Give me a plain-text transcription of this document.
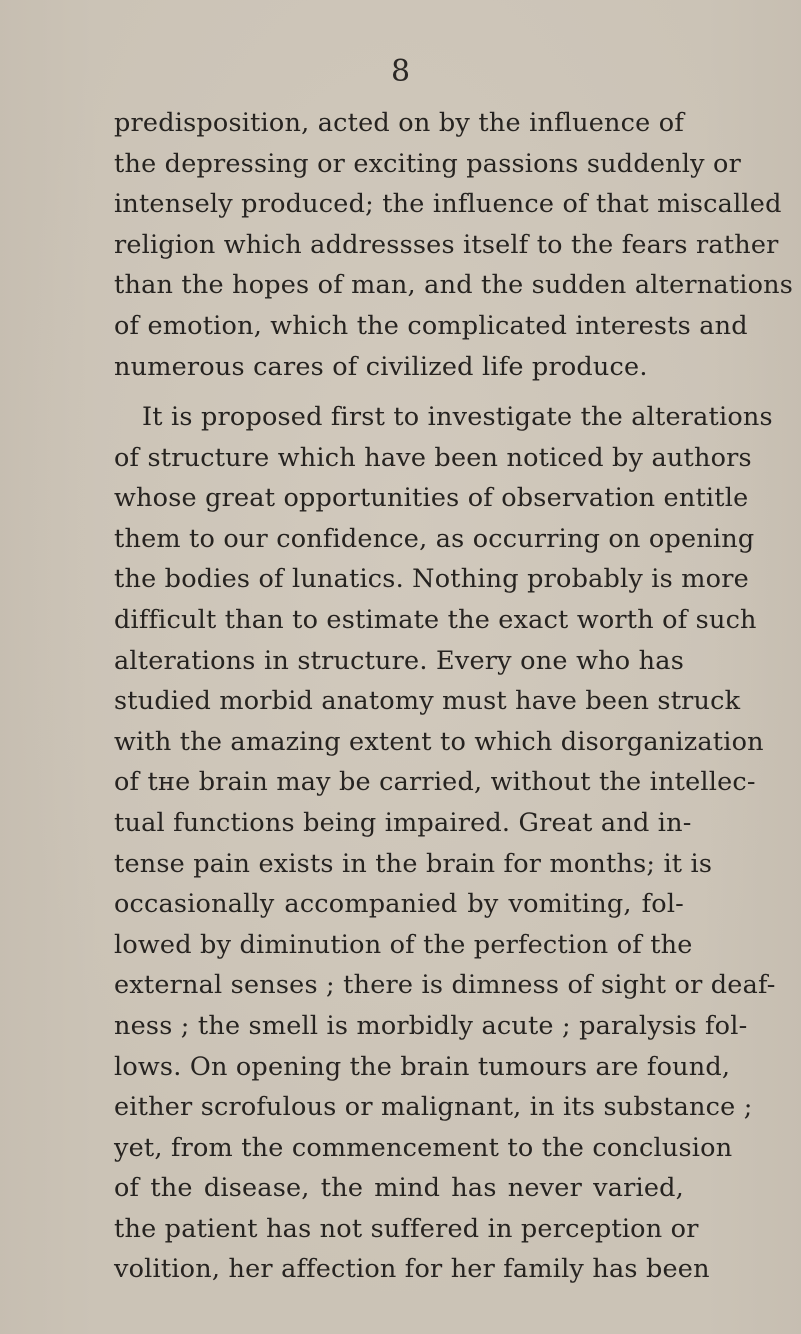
8
predisposition, acted on by the influence of
the depressing or exciting passions suddenly or
intensely produced; the influence of that miscalled
religion which addressses itself to the fears rather
than the hopes of man, and the sudden alternations
of emotion, which the complicated interests and
numerous cares of civilized life produce.
It is proposed first to investigate the alterations
of structure which have been noticed by authors
whose great opportunities of observation entitle
them to our confidence, as occurring on opening
the bodies of lunatics. Nothing probably is more
difficult than to estimate the exact worth of such
alterations in structure. Every one who has
studied morbid anatomy must have been struck
with the amazing extent to which disorganization
of tне brain may be carried, without the intellec-
tual functions being impaired. Great and in-
tense pain exists in the brain for months; it is
occasionally accompanied by vomiting, fol-
lowed by diminution of the perfection of the
external senses ; there is dimness of sight or deaf-
ness ; the smell is morbidly acute ; paralysis fol-
lows. On opening the brain tumours are found,
either scrofulous or malignant, in its substance ;
yet, from the commencement to the conclusion
of the disease, the mind has never varied,
the patient has not suffered in perception or
volition, her affection for her family has been
